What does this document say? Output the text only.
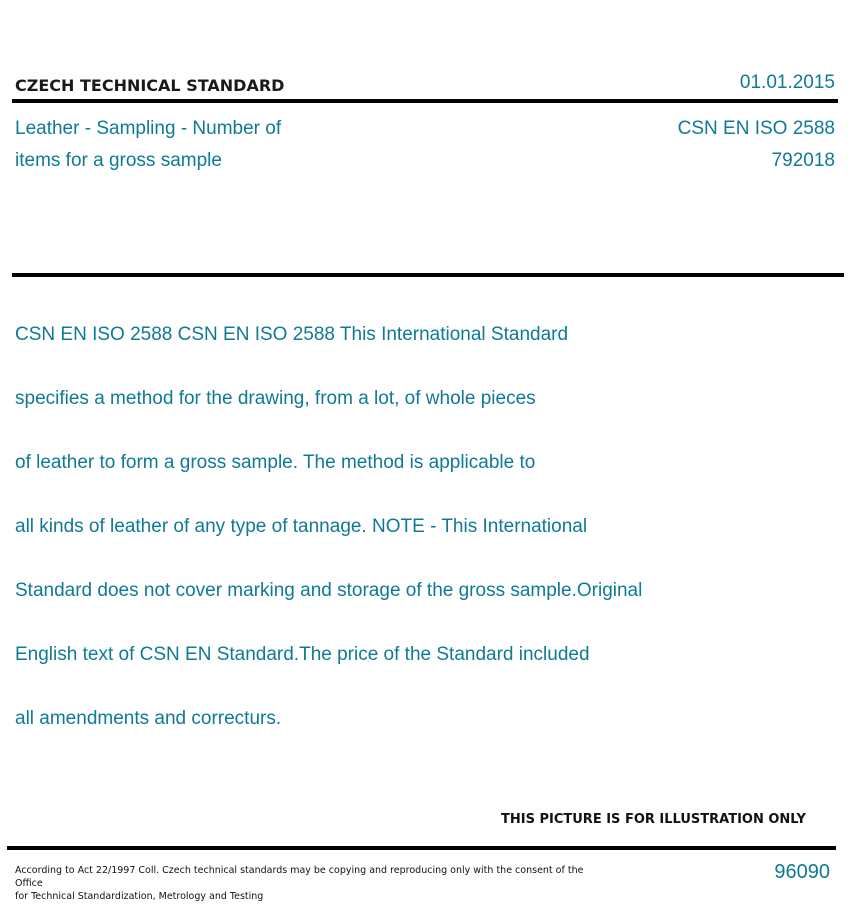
CZECH TECHNICAL STANDARD	01.01.2015
Leather - Sampling - Number of
items for a gross sample
CSN EN ISO 2588
792018

CSN EN ISO 2588 CSN EN ISO 2588 This International Standard

specifies a method for the drawing, from a lot, of whole pieces

of leather to form a gross sample. The method is applicable to

all kinds of leather of any type of tannage. NOTE - This International

Standard does not cover marking and storage of the gross sample.Original

English text of CSN EN Standard.The price of the Standard included

all amendments and correcturs.

THIS PICTURE IS FOR ILLUSTRATION ONLY
According to Act 22/1997 Coll. Czech technical standards may be copying and reproducing only with the consent of the Office
for Technical Standardization, Metrology and Testing
96090
